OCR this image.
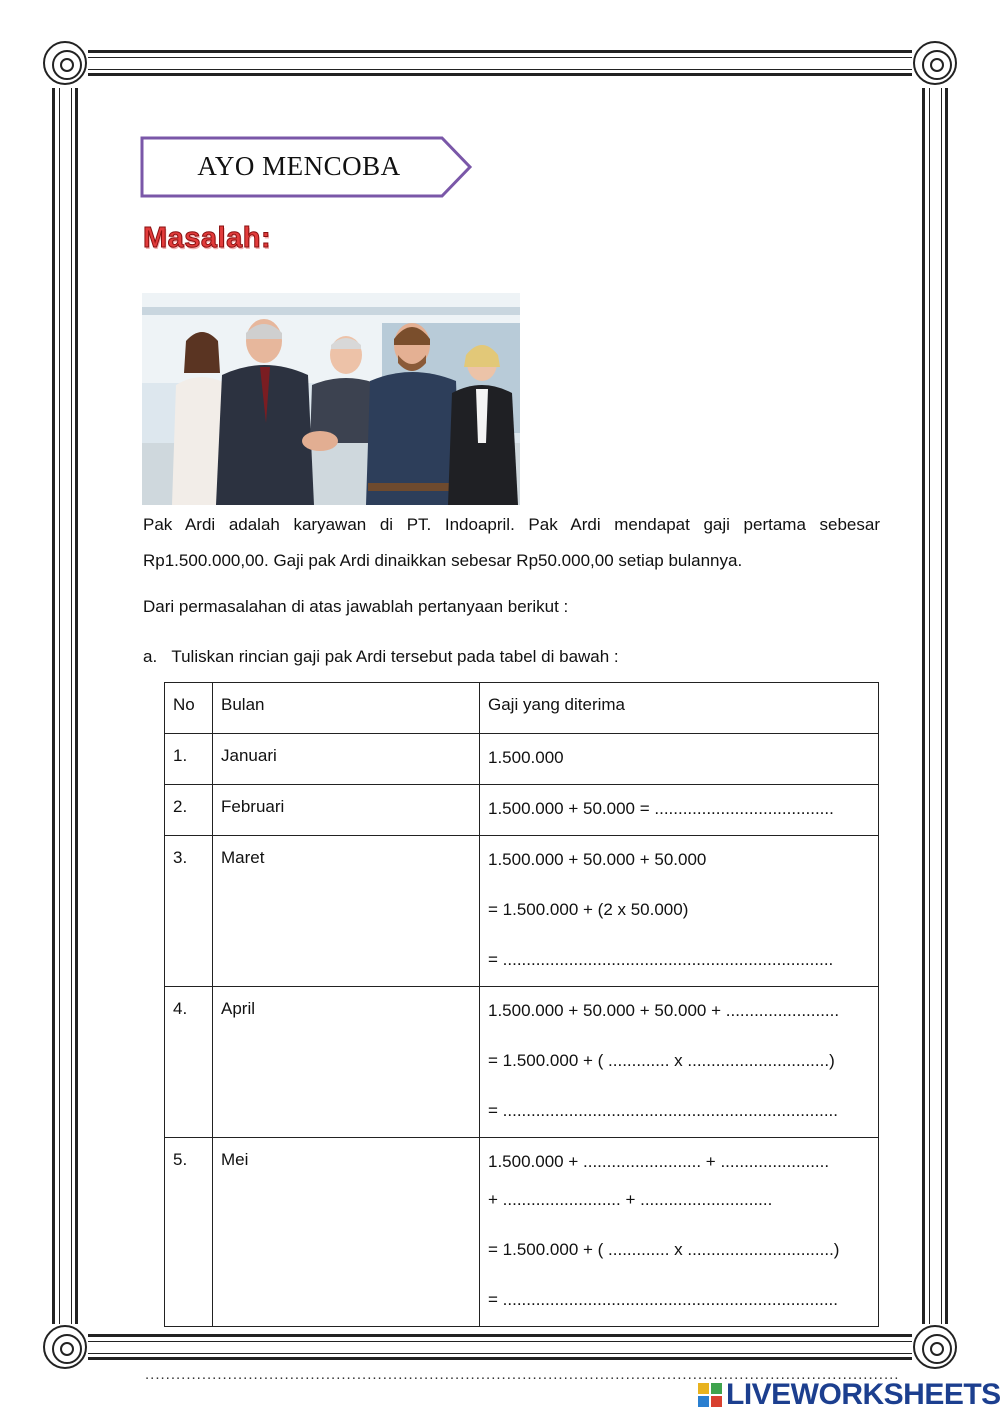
AYO MENCOBA
Masalah:
Pak Ardi adalah karyawan di PT. Indoapril. Pak Ardi mendapat gaji pertama sebesar Rp1.500.000,00. Gaji pak Ardi dinaikkan sebesar Rp50.000,00 setiap bulannya.
Dari permasalahan di atas jawablah pertanyaan berikut :
a.   Tuliskan rincian gaji pak Ardi tersebut pada tabel di bawah :
No	Bulan	Gaji yang diterima
1.	Januari	1.500.000

2.	Februari	1.500.000 + 50.000 = ......................................

3.	Maret	1.500.000 + 50.000 + 50.000
= 1.500.000 + (2 x 50.000)
= ......................................................................

4.	April	1.500.000 + 50.000 + 50.000 + ........................
= 1.500.000 + ( ............. x ..............................)
= .......................................................................

5.	Mei	1.500.000 + ......................... + .......................
+ ......................... + ............................
= 1.500.000 + ( ............. x ...............................)
= .......................................................................
..................................................................................................................................................
LIVEWORKSHEETS
